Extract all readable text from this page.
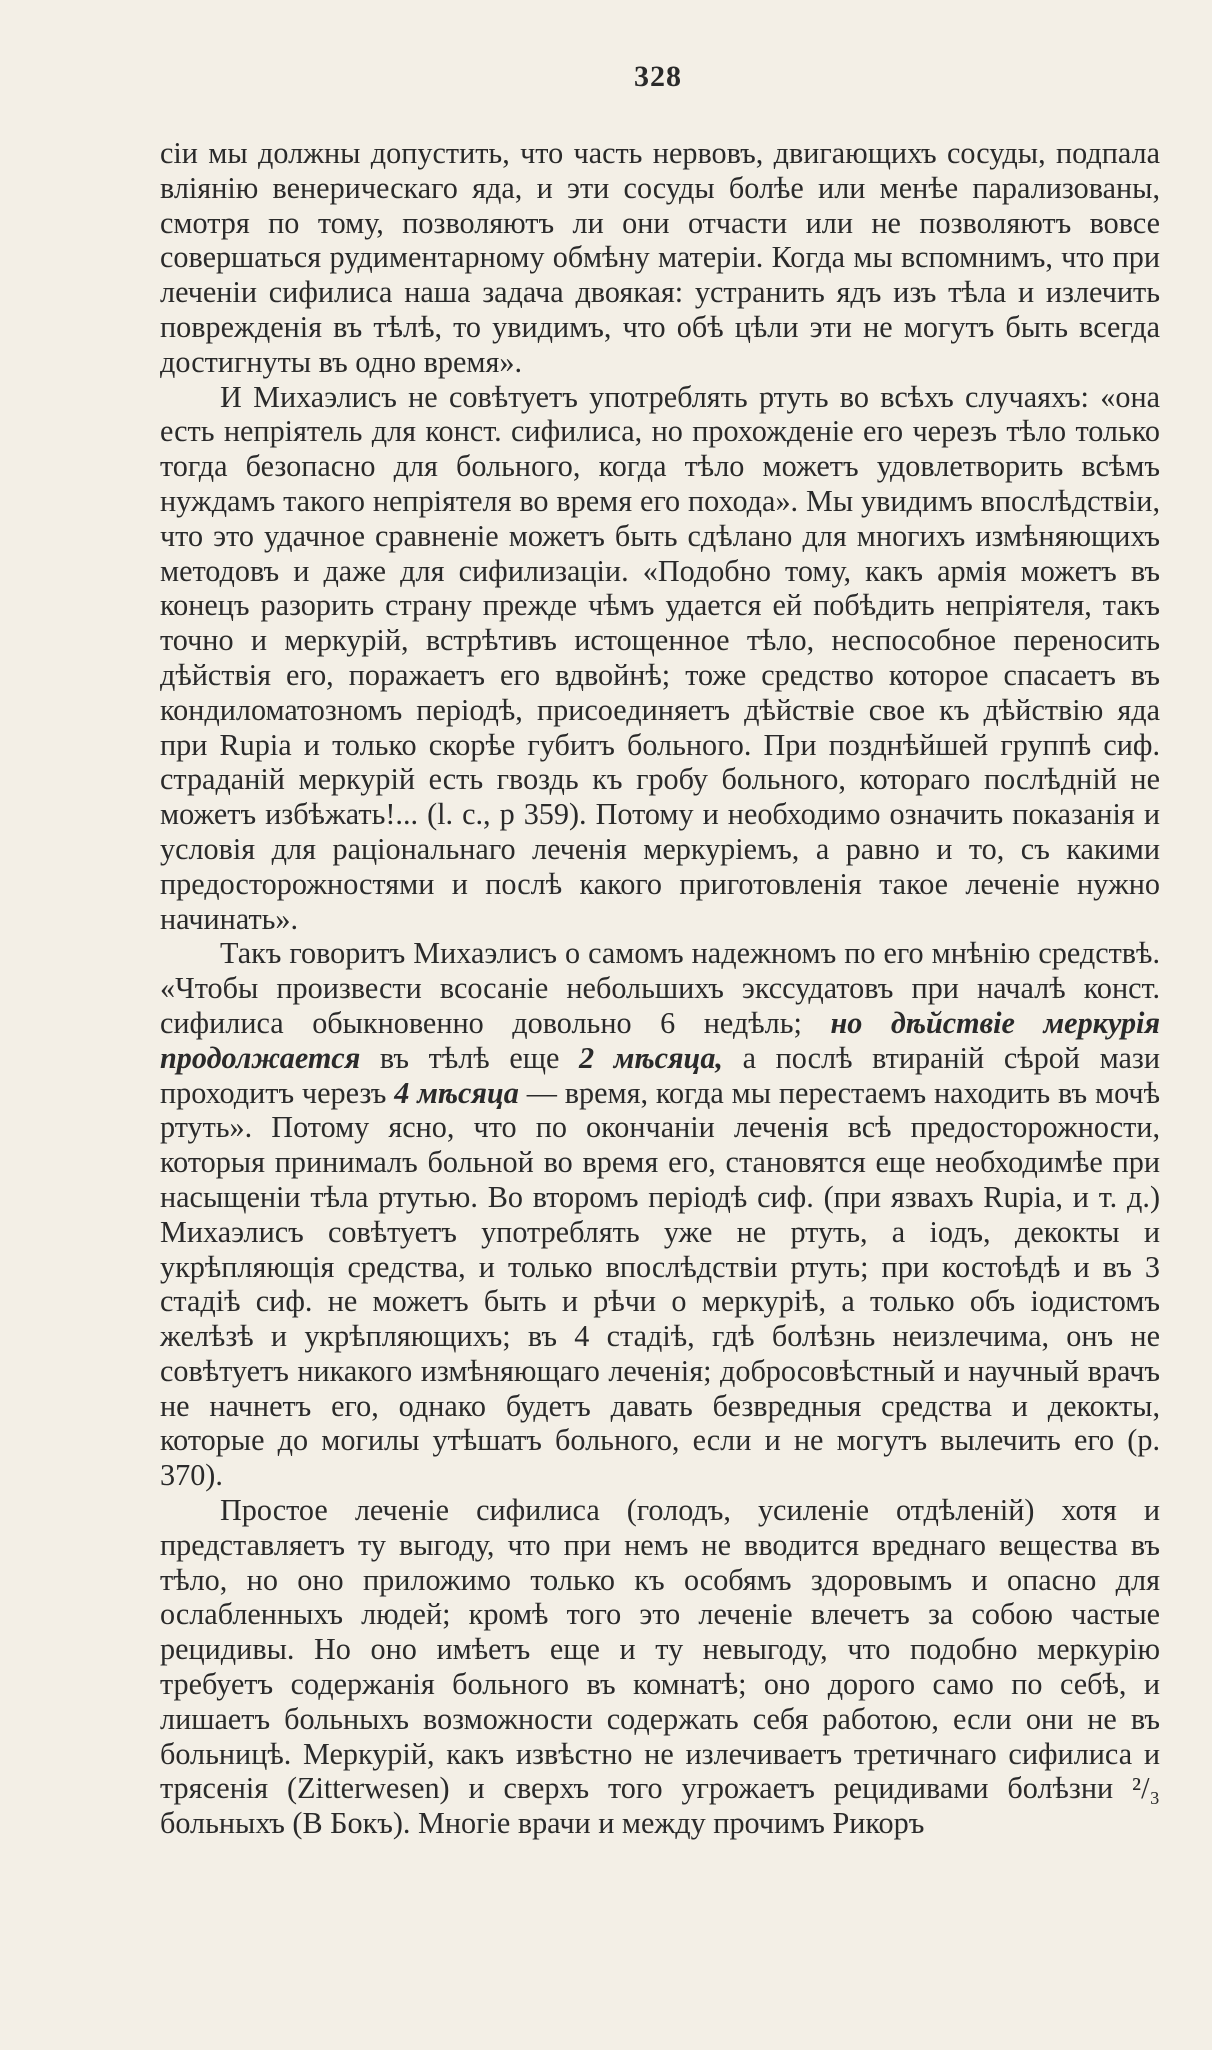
328

сіи мы должны допустить, что часть нервовъ, двигающихъ сосуды, подпала вліянію венерическаго яда, и эти сосуды болѣе или менѣе парализованы, смотря по тому, позволяютъ ли они отчасти или не позволяютъ вовсе совершаться рудиментарному обмѣну матеріи. Когда мы вспомнимъ, что при леченіи сифилиса наша задача двоякая: устранить ядъ изъ тѣла и излечить поврежденія въ тѣлѣ, то увидимъ, что обѣ цѣли эти не могутъ быть всегда достигнуты въ одно время».

И Михаэлисъ не совѣтуетъ употреблять ртуть во всѣхъ случаяхъ: «она есть непріятель для конст. сифилиса, но прохожденіе его черезъ тѣло только тогда безопасно для больного, когда тѣло можетъ удовлетворить всѣмъ нуждамъ такого непріятеля во время его похода». Мы увидимъ впослѣдствіи, что это удачное сравненіе можетъ быть сдѣлано для многихъ измѣняющихъ методовъ и даже для сифилизаціи. «Подобно тому, какъ армія можетъ въ конецъ разорить страну прежде чѣмъ удается ей побѣдить непріятеля, такъ точно и меркурій, встрѣтивъ истощенное тѣло, неспособное переносить дѣйствія его, поражаетъ его вдвойнѣ; тоже средство которое спасаетъ въ кондиломатозномъ періодѣ, присоединяетъ дѣйствіе свое къ дѣйствію яда при Rupia и только скорѣе губитъ больного. При позднѣйшей группѣ сиф. страданій меркурій есть гвоздь къ гробу больного, котораго послѣдній не можетъ избѣжать!... (l. c., p 359). Потому и необходимо означить показанія и условія для раціональнаго леченія меркуріемъ, а равно и то, съ какими предосторожностями и послѣ какого приготовленія такое леченіе нужно начинать».

Такъ говоритъ Михаэлисъ о самомъ надежномъ по его мнѣнію средствѣ. «Чтобы произвести всосаніе небольшихъ экссудатовъ при началѣ конст. сифилиса обыкновенно довольно 6 недѣль; но дѣйствіе меркурія продолжается въ тѣлѣ еще 2 мѣсяца, а послѣ втираній сѣрой мази проходитъ черезъ 4 мѣсяца — время, когда мы перестаемъ находить въ мочѣ ртуть». Потому ясно, что по окончаніи леченія всѣ предосторожности, которыя принималъ больной во время его, становятся еще необходимѣе при насыщеніи тѣла ртутью. Во второмъ періодѣ сиф. (при язвахъ Rupia, и т. д.) Михаэлисъ совѣтуетъ употреблять уже не ртуть, а іодъ, декокты и укрѣпляющія средства, и только впослѣдствіи ртуть; при костоѣдѣ и въ 3 стадіѣ сиф. не можетъ быть и рѣчи о меркуріѣ, а только объ іодистомъ желѣзѣ и укрѣпляющихъ; въ 4 стадіѣ, гдѣ болѣзнь неизлечима, онъ не совѣтуетъ никакого измѣняющаго леченія; добросовѣстный и научный врачъ не начнетъ его, однако будетъ давать безвредныя средства и декокты, которые до могилы утѣшатъ больного, если и не могутъ вылечить его (p. 370).

Простое леченіе сифилиса (голодъ, усиленіе отдѣленій) хотя и представляетъ ту выгоду, что при немъ не вводится вреднаго вещества въ тѣло, но оно приложимо только къ особямъ здоровымъ и опасно для ослабленныхъ людей; кромѣ того это леченіе влечетъ за собою частые рецидивы. Но оно имѣетъ еще и ту невыгоду, что подобно меркурію требуетъ содержанія больного въ комнатѣ; оно дорого само по себѣ, и лишаетъ больныхъ возможности содержать себя работою, если они не въ больницѣ. Меркурій, какъ извѣстно не излечиваетъ третичнаго сифилиса и трясенія (Zitterwesen) и сверхъ того угрожаетъ рецидивами болѣзни ²/₃ больныхъ (В Бокъ). Многіе врачи и между прочимъ Рикоръ
